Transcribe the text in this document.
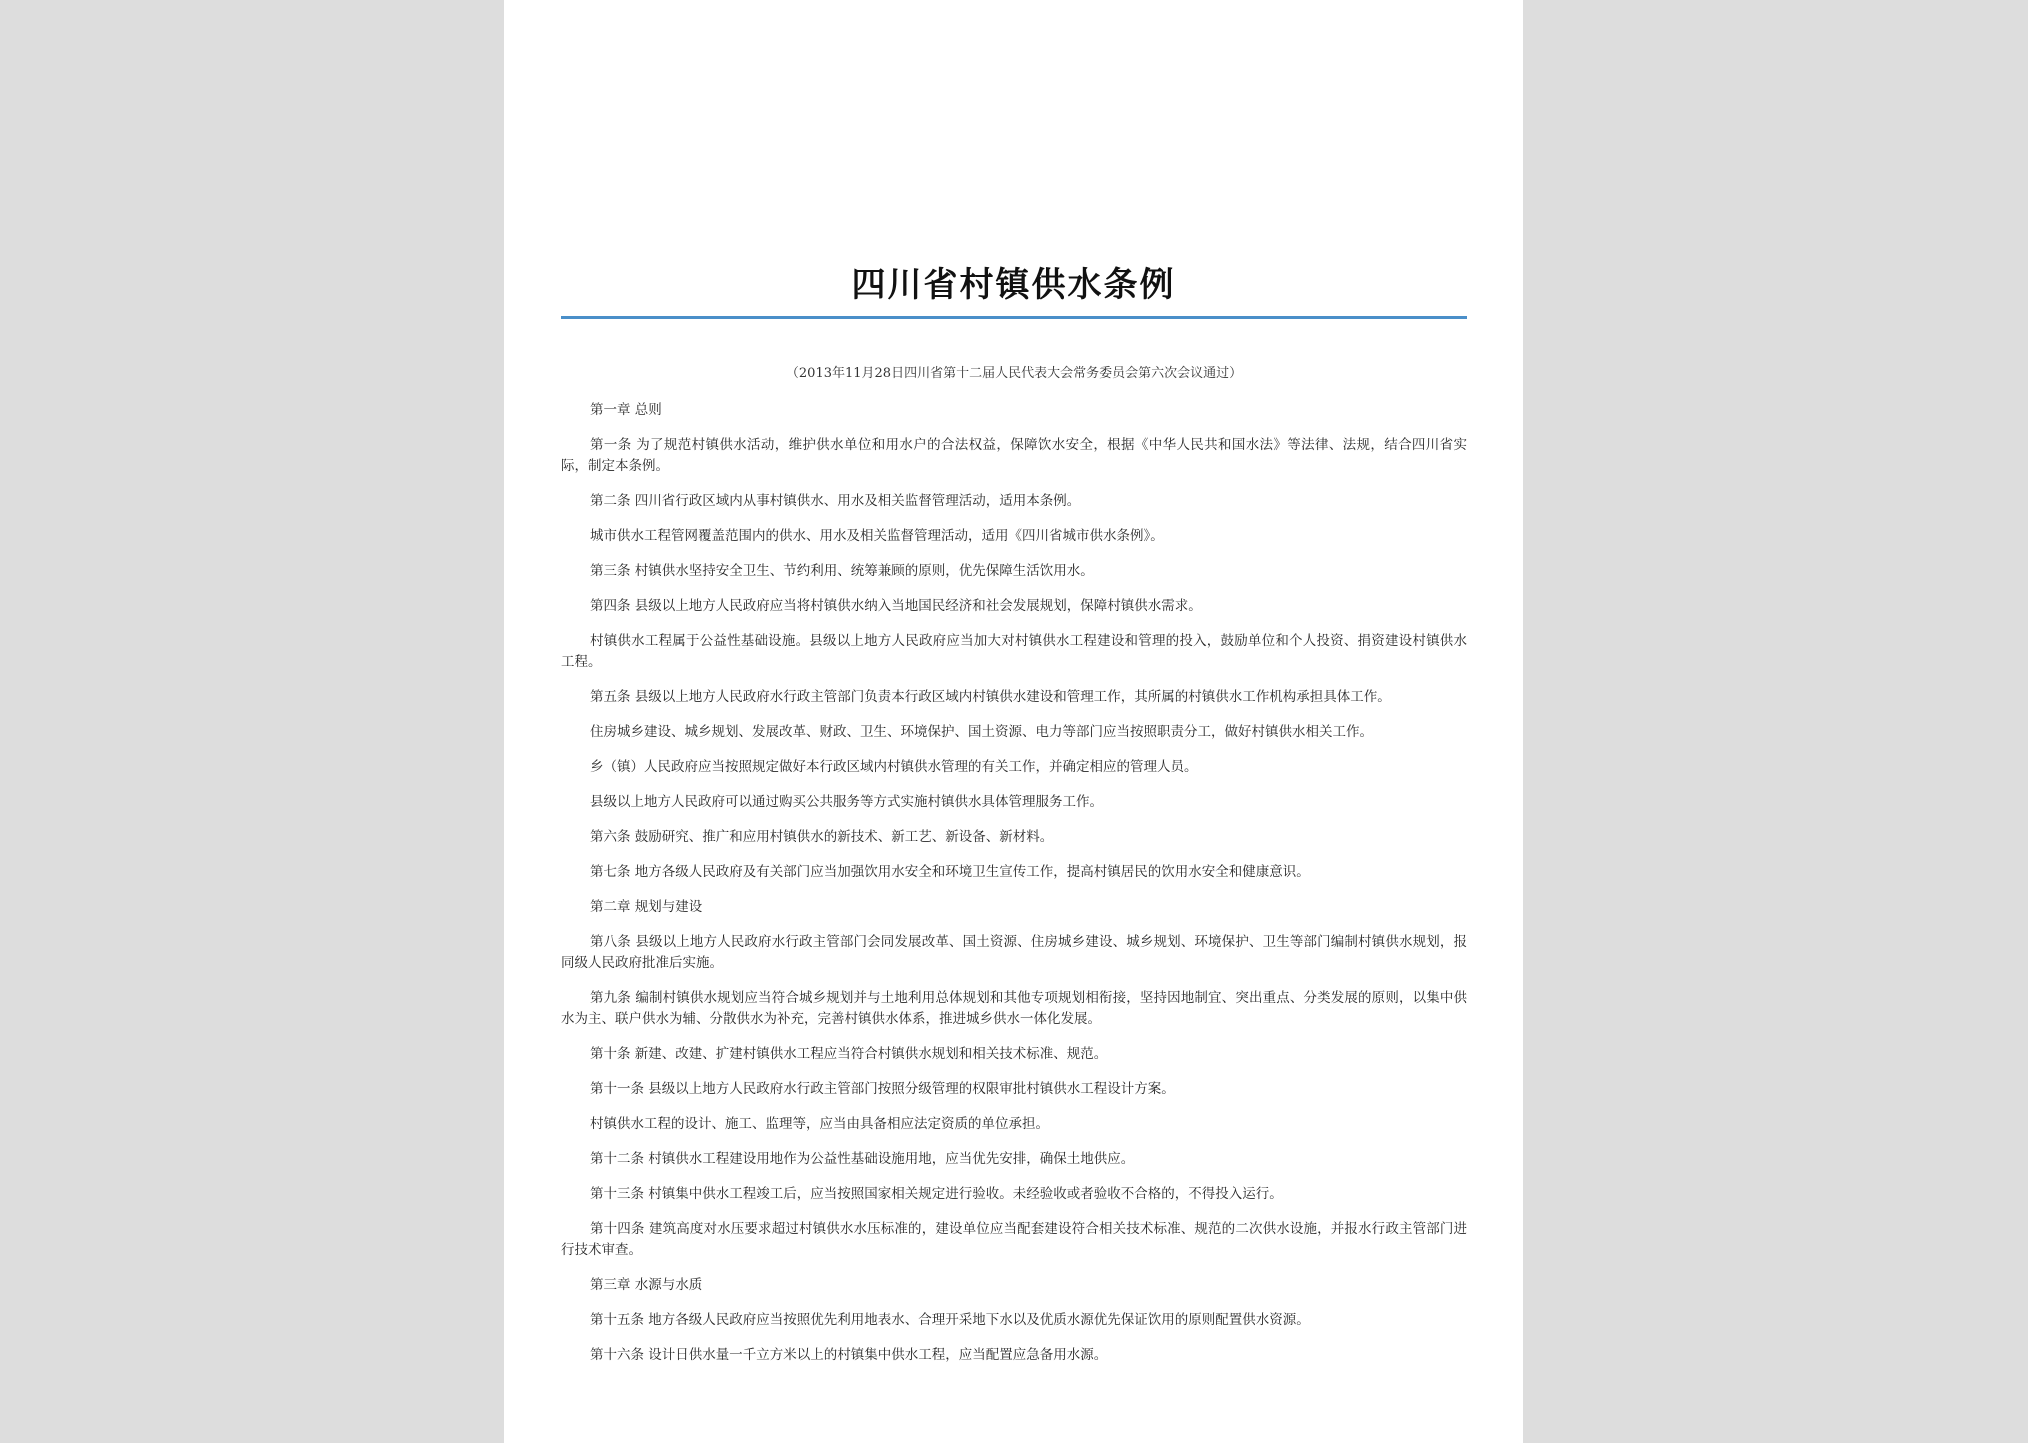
四川省村镇供水条例
（2013年11月28日四川省第十二届人民代表大会常务委员会第六次会议通过）

第一章 总则

第一条 为了规范村镇供水活动，维护供水单位和用水户的合法权益，保障饮水安全，根据《中华人民共和国水法》等法律、法规，结合四川省实际，制定本条例。

第二条 四川省行政区域内从事村镇供水、用水及相关监督管理活动，适用本条例。

城市供水工程管网覆盖范围内的供水、用水及相关监督管理活动，适用《四川省城市供水条例》。

第三条 村镇供水坚持安全卫生、节约利用、统筹兼顾的原则，优先保障生活饮用水。

第四条 县级以上地方人民政府应当将村镇供水纳入当地国民经济和社会发展规划，保障村镇供水需求。

村镇供水工程属于公益性基础设施。县级以上地方人民政府应当加大对村镇供水工程建设和管理的投入，鼓励单位和个人投资、捐资建设村镇供水工程。

第五条 县级以上地方人民政府水行政主管部门负责本行政区域内村镇供水建设和管理工作，其所属的村镇供水工作机构承担具体工作。

住房城乡建设、城乡规划、发展改革、财政、卫生、环境保护、国土资源、电力等部门应当按照职责分工，做好村镇供水相关工作。

乡（镇）人民政府应当按照规定做好本行政区域内村镇供水管理的有关工作，并确定相应的管理人员。

县级以上地方人民政府可以通过购买公共服务等方式实施村镇供水具体管理服务工作。

第六条 鼓励研究、推广和应用村镇供水的新技术、新工艺、新设备、新材料。

第七条 地方各级人民政府及有关部门应当加强饮用水安全和环境卫生宣传工作，提高村镇居民的饮用水安全和健康意识。

第二章 规划与建设

第八条 县级以上地方人民政府水行政主管部门会同发展改革、国土资源、住房城乡建设、城乡规划、环境保护、卫生等部门编制村镇供水规划，报同级人民政府批准后实施。

第九条 编制村镇供水规划应当符合城乡规划并与土地利用总体规划和其他专项规划相衔接，坚持因地制宜、突出重点、分类发展的原则，以集中供水为主、联户供水为辅、分散供水为补充，完善村镇供水体系，推进城乡供水一体化发展。

第十条 新建、改建、扩建村镇供水工程应当符合村镇供水规划和相关技术标准、规范。

第十一条 县级以上地方人民政府水行政主管部门按照分级管理的权限审批村镇供水工程设计方案。

村镇供水工程的设计、施工、监理等，应当由具备相应法定资质的单位承担。

第十二条 村镇供水工程建设用地作为公益性基础设施用地，应当优先安排，确保土地供应。

第十三条 村镇集中供水工程竣工后，应当按照国家相关规定进行验收。未经验收或者验收不合格的，不得投入运行。

第十四条 建筑高度对水压要求超过村镇供水水压标准的，建设单位应当配套建设符合相关技术标准、规范的二次供水设施，并报水行政主管部门进行技术审查。

第三章 水源与水质

第十五条 地方各级人民政府应当按照优先利用地表水、合理开采地下水以及优质水源优先保证饮用的原则配置供水资源。

第十六条 设计日供水量一千立方米以上的村镇集中供水工程，应当配置应急备用水源。
